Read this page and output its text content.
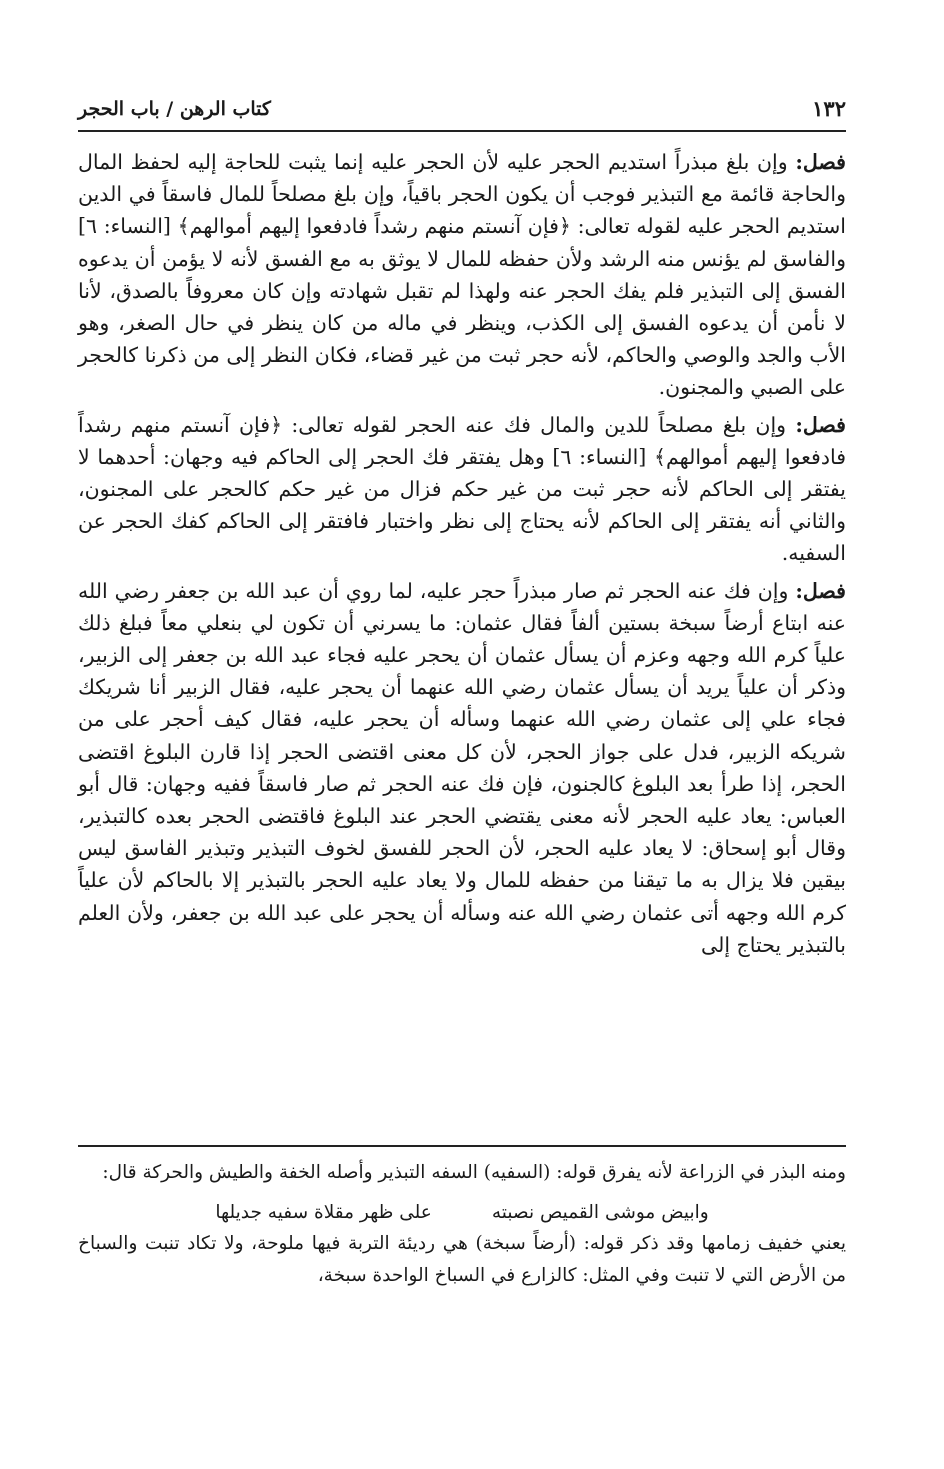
١٣٢
كتاب الرهن / باب الحجر

فصل: وإن بلغ مبذراً استديم الحجر عليه لأن الحجر عليه إنما يثبت للحاجة إليه لحفظ المال والحاجة قائمة مع التبذير فوجب أن يكون الحجر باقياً، وإن بلغ مصلحاً للمال فاسقاً في الدين استديم الحجر عليه لقوله تعالى: ﴿فإن آنستم منهم رشداً فادفعوا إليهم أموالهم﴾ [النساء: ٦] والفاسق لم يؤنس منه الرشد ولأن حفظه للمال لا يوثق به مع الفسق لأنه لا يؤمن أن يدعوه الفسق إلى التبذير فلم يفك الحجر عنه ولهذا لم تقبل شهادته وإن كان معروفاً بالصدق، لأنا لا نأمن أن يدعوه الفسق إلى الكذب، وينظر في ماله من كان ينظر في حال الصغر، وهو الأب والجد والوصي والحاكم، لأنه حجر ثبت من غير قضاء، فكان النظر إلى من ذكرنا كالحجر على الصبي والمجنون.

فصل: وإن بلغ مصلحاً للدين والمال فك عنه الحجر لقوله تعالى: ﴿فإن آنستم منهم رشداً فادفعوا إليهم أموالهم﴾ [النساء: ٦] وهل يفتقر فك الحجر إلى الحاكم فيه وجهان: أحدهما لا يفتقر إلى الحاكم لأنه حجر ثبت من غير حكم فزال من غير حكم كالحجر على المجنون، والثاني أنه يفتقر إلى الحاكم لأنه يحتاج إلى نظر واختبار فافتقر إلى الحاكم كفك الحجر عن السفيه.

فصل: وإن فك عنه الحجر ثم صار مبذراً حجر عليه، لما روي أن عبد الله بن جعفر رضي الله عنه ابتاع أرضاً سبخة بستين ألفاً فقال عثمان: ما يسرني أن تكون لي بنعلي معاً فبلغ ذلك علياً كرم الله وجهه وعزم أن يسأل عثمان أن يحجر عليه فجاء عبد الله بن جعفر إلى الزبير، وذكر أن علياً يريد أن يسأل عثمان رضي الله عنهما أن يحجر عليه، فقال الزبير أنا شريكك فجاء علي إلى عثمان رضي الله عنهما وسأله أن يحجر عليه، فقال كيف أحجر على من شريكه الزبير، فدل على جواز الحجر، لأن كل معنى اقتضى الحجر إذا قارن البلوغ اقتضى الحجر، إذا طرأ بعد البلوغ كالجنون، فإن فك عنه الحجر ثم صار فاسقاً ففيه وجهان: قال أبو العباس: يعاد عليه الحجر لأنه معنى يقتضي الحجر عند البلوغ فاقتضى الحجر بعده كالتبذير، وقال أبو إسحاق: لا يعاد عليه الحجر، لأن الحجر للفسق لخوف التبذير وتبذير الفاسق ليس بيقين فلا يزال به ما تيقنا من حفظه للمال ولا يعاد عليه الحجر بالتبذير إلا بالحاكم لأن علياً كرم الله وجهه أتى عثمان رضي الله عنه وسأله أن يحجر على عبد الله بن جعفر، ولأن العلم بالتبذير يحتاج إلى

ومنه البذر في الزراعة لأنه يفرق قوله: (السفيه) السفه التبذير وأصله الخفة والطيش والحركة قال:

وابيض موشى القميص نصبته
على ظهر مقلاة سفيه جديلها

يعني خفيف زمامها وقد ذكر قوله: (أرضاً سبخة) هي رديئة التربة فيها ملوحة، ولا تكاد تنبت والسباخ من الأرض التي لا تنبت وفي المثل: كالزارع في السباخ الواحدة سبخة،
